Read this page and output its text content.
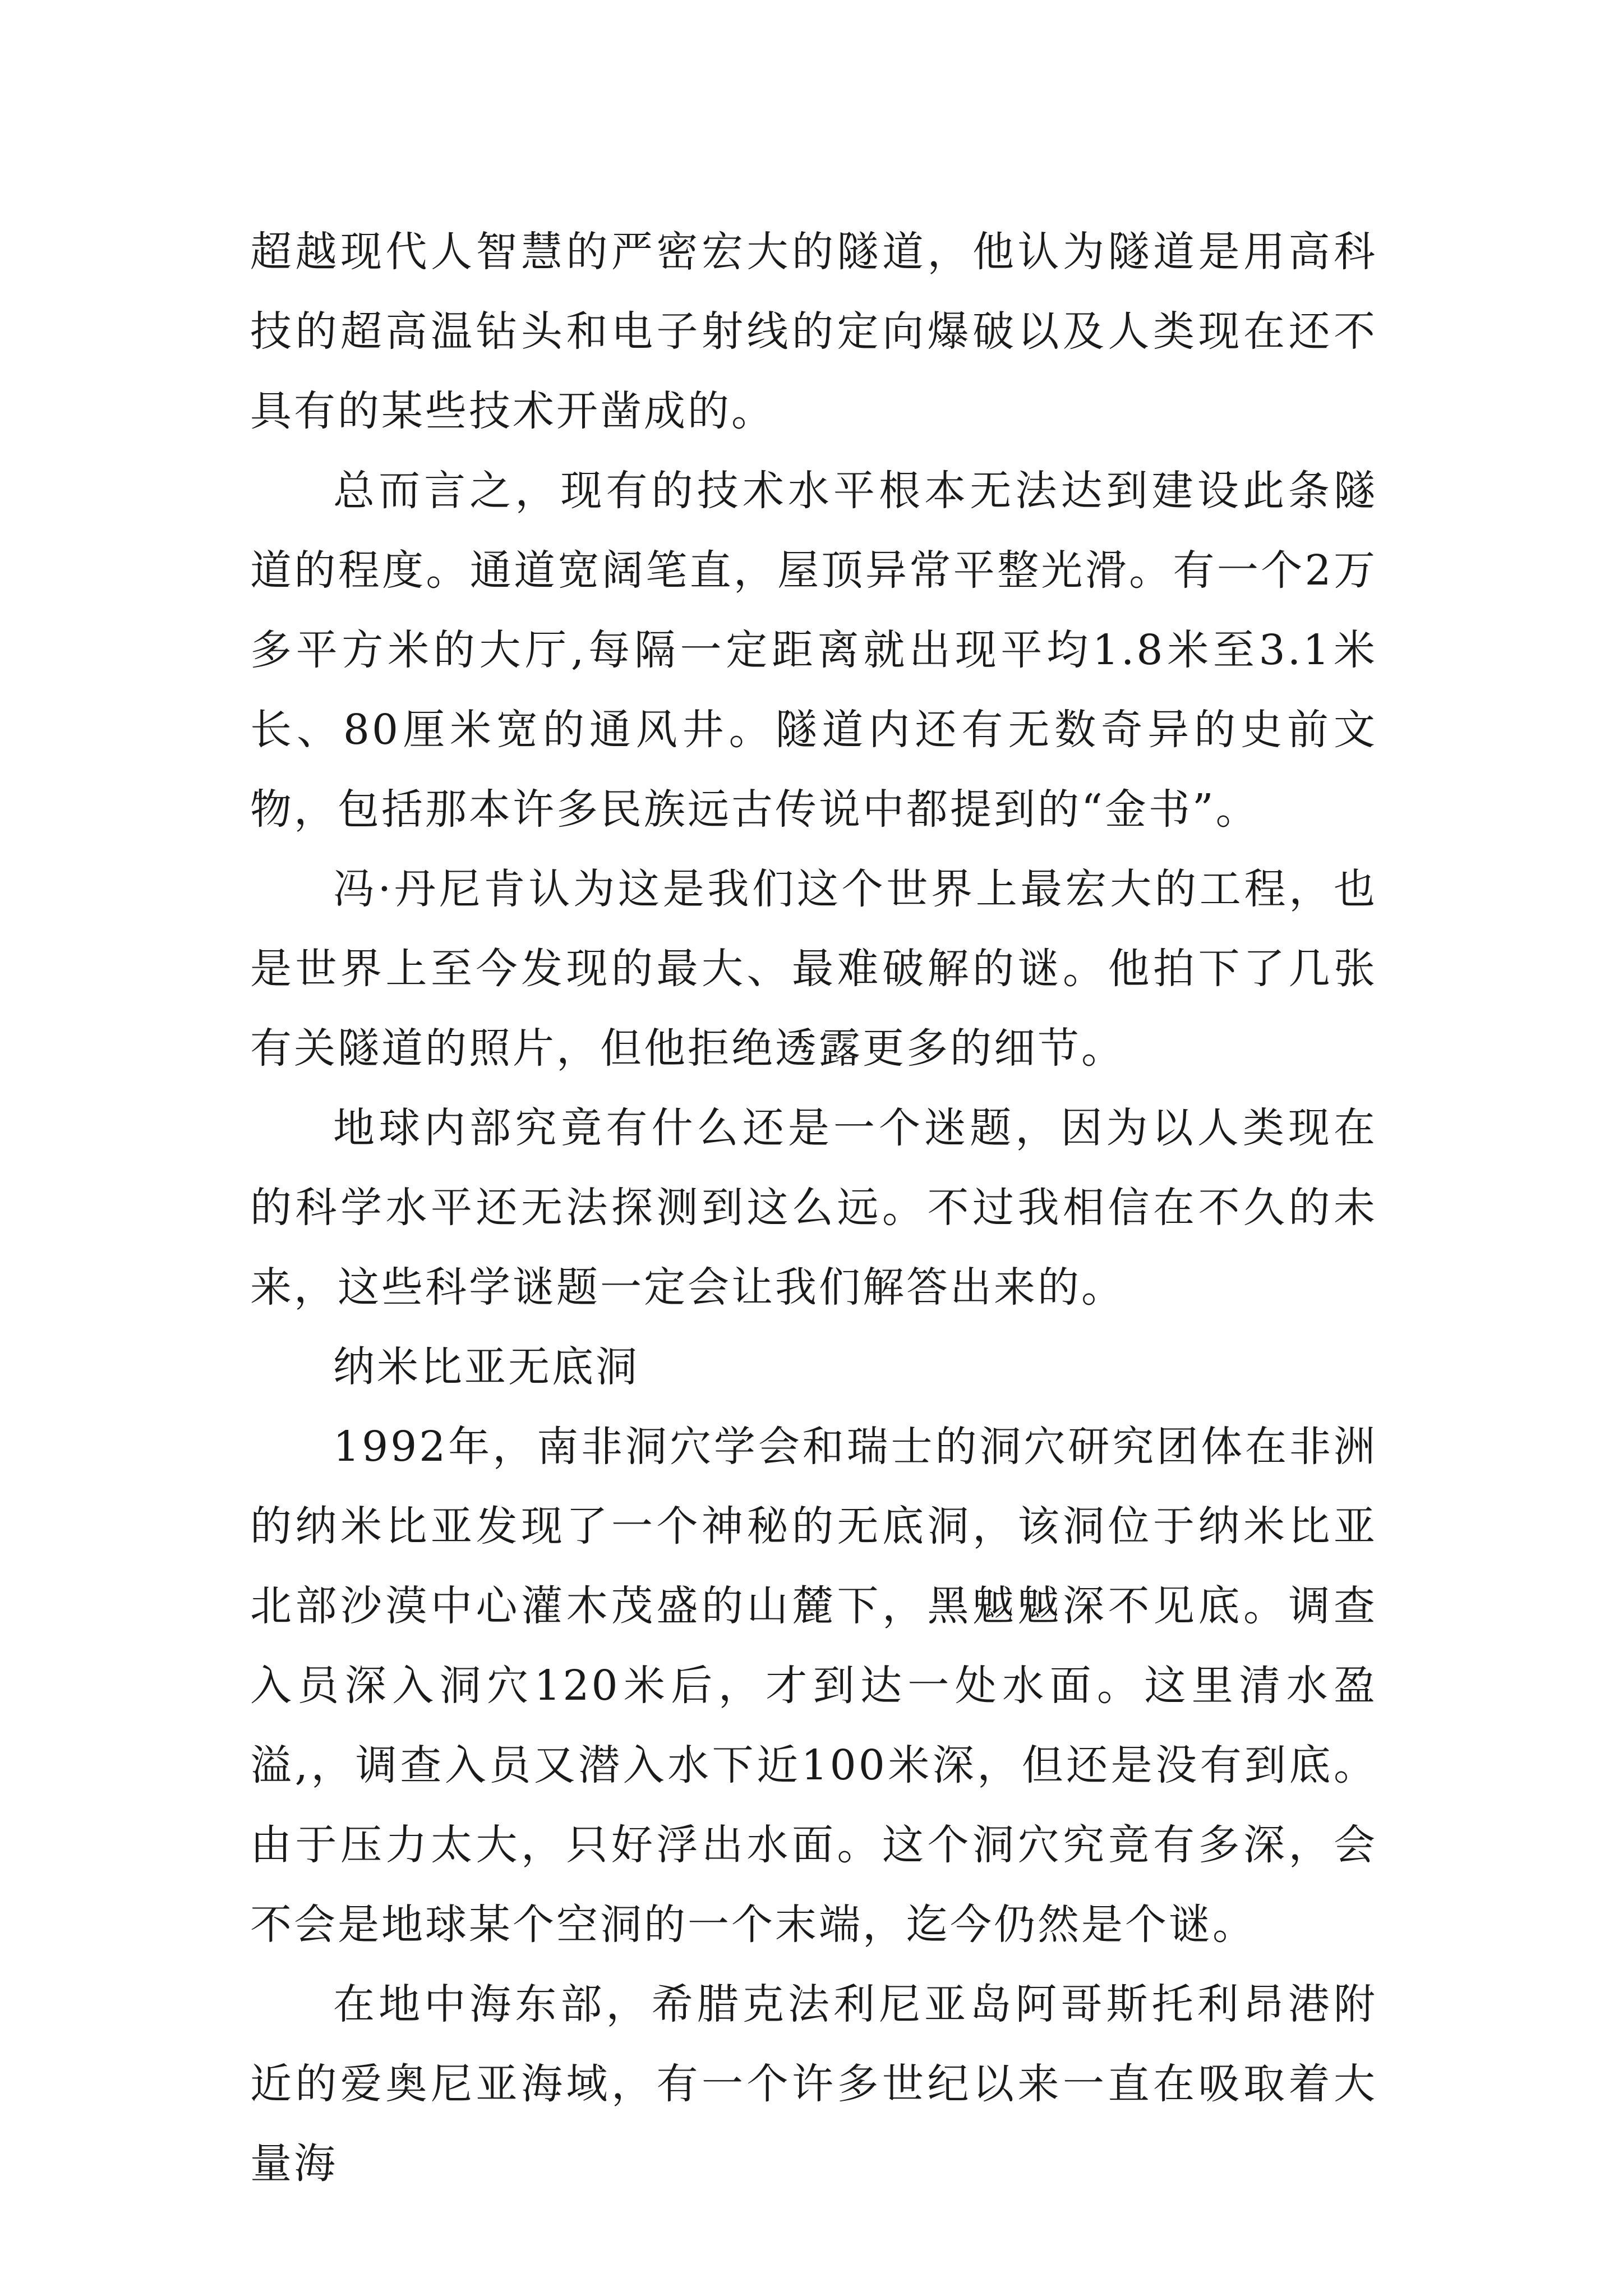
超越现代人智慧的严密宏大的隧道，他认为隧道是用高科技的超高温钻头和电子射线的定向爆破以及人类现在还不具有的某些技术开凿成的。

总而言之，现有的技术水平根本无法达到建设此条隧道的程度。通道宽阔笔直，屋顶异常平整光滑。有一个2万多平方米的大厅,每隔一定距离就出现平均1.8米至3.1米长、80厘米宽的通风井。隧道内还有无数奇异的史前文物，包括那本许多民族远古传说中都提到的“金书”。

冯·丹尼肯认为这是我们这个世界上最宏大的工程，也是世界上至今发现的最大、最难破解的谜。他拍下了几张有关隧道的照片，但他拒绝透露更多的细节。

地球内部究竟有什么还是一个迷题，因为以人类现在的科学水平还无法探测到这么远。不过我相信在不久的未来，这些科学谜题一定会让我们解答出来的。

纳米比亚无底洞

1992年，南非洞穴学会和瑞士的洞穴研究团体在非洲的纳米比亚发现了一个神秘的无底洞，该洞位于纳米比亚北部沙漠中心灌木茂盛的山麓下，黑魆魆深不见底。调查入员深入洞穴120米后，才到达一处水面。这里清水盈溢,，调查入员又潜入水下近100米深，但还是没有到底。由于压力太大，只好浮出水面。这个洞穴究竟有多深，会不会是地球某个空洞的一个末端，迄今仍然是个谜。

在地中海东部，希腊克法利尼亚岛阿哥斯托利昂港附近的爱奥尼亚海域，有一个许多世纪以来一直在吸取着大量海
